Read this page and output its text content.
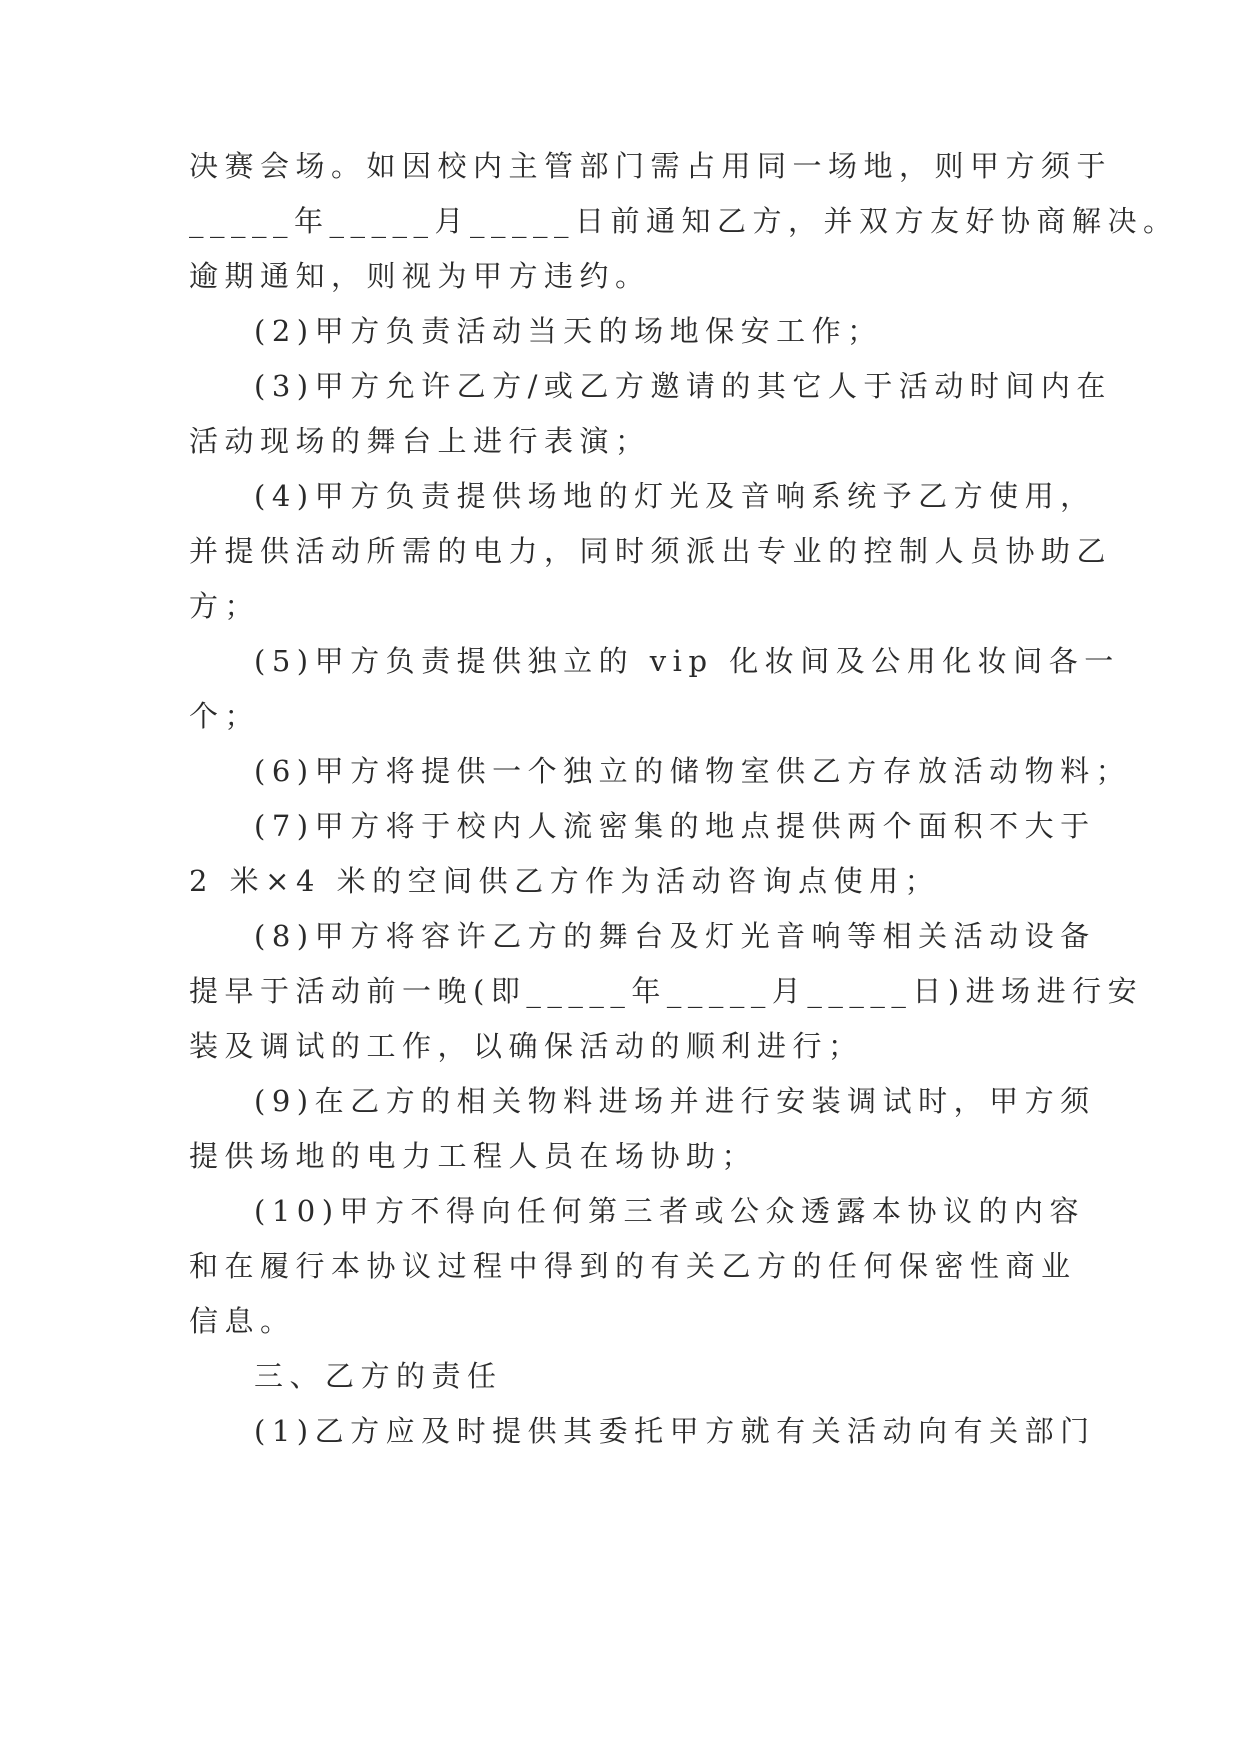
决赛会场。如因校内主管部门需占用同一场地，则甲方须于
_____年_____月_____日前通知乙方，并双方友好协商解决。
逾期通知，则视为甲方违约。
(2)甲方负责活动当天的场地保安工作；
(3)甲方允许乙方/或乙方邀请的其它人于活动时间内在
活动现场的舞台上进行表演；
(4)甲方负责提供场地的灯光及音响系统予乙方使用，
并提供活动所需的电力，同时须派出专业的控制人员协助乙
方；
(5)甲方负责提供独立的 vip 化妆间及公用化妆间各一
个；
(6)甲方将提供一个独立的储物室供乙方存放活动物料；
(7)甲方将于校内人流密集的地点提供两个面积不大于
2 米×4 米的空间供乙方作为活动咨询点使用；
(8)甲方将容许乙方的舞台及灯光音响等相关活动设备
提早于活动前一晚(即_____年_____月_____日)进场进行安
装及调试的工作，以确保活动的顺利进行；
(9)在乙方的相关物料进场并进行安装调试时，甲方须
提供场地的电力工程人员在场协助；
(10)甲方不得向任何第三者或公众透露本协议的内容
和在履行本协议过程中得到的有关乙方的任何保密性商业
信息。
三、乙方的责任
(1)乙方应及时提供其委托甲方就有关活动向有关部门
